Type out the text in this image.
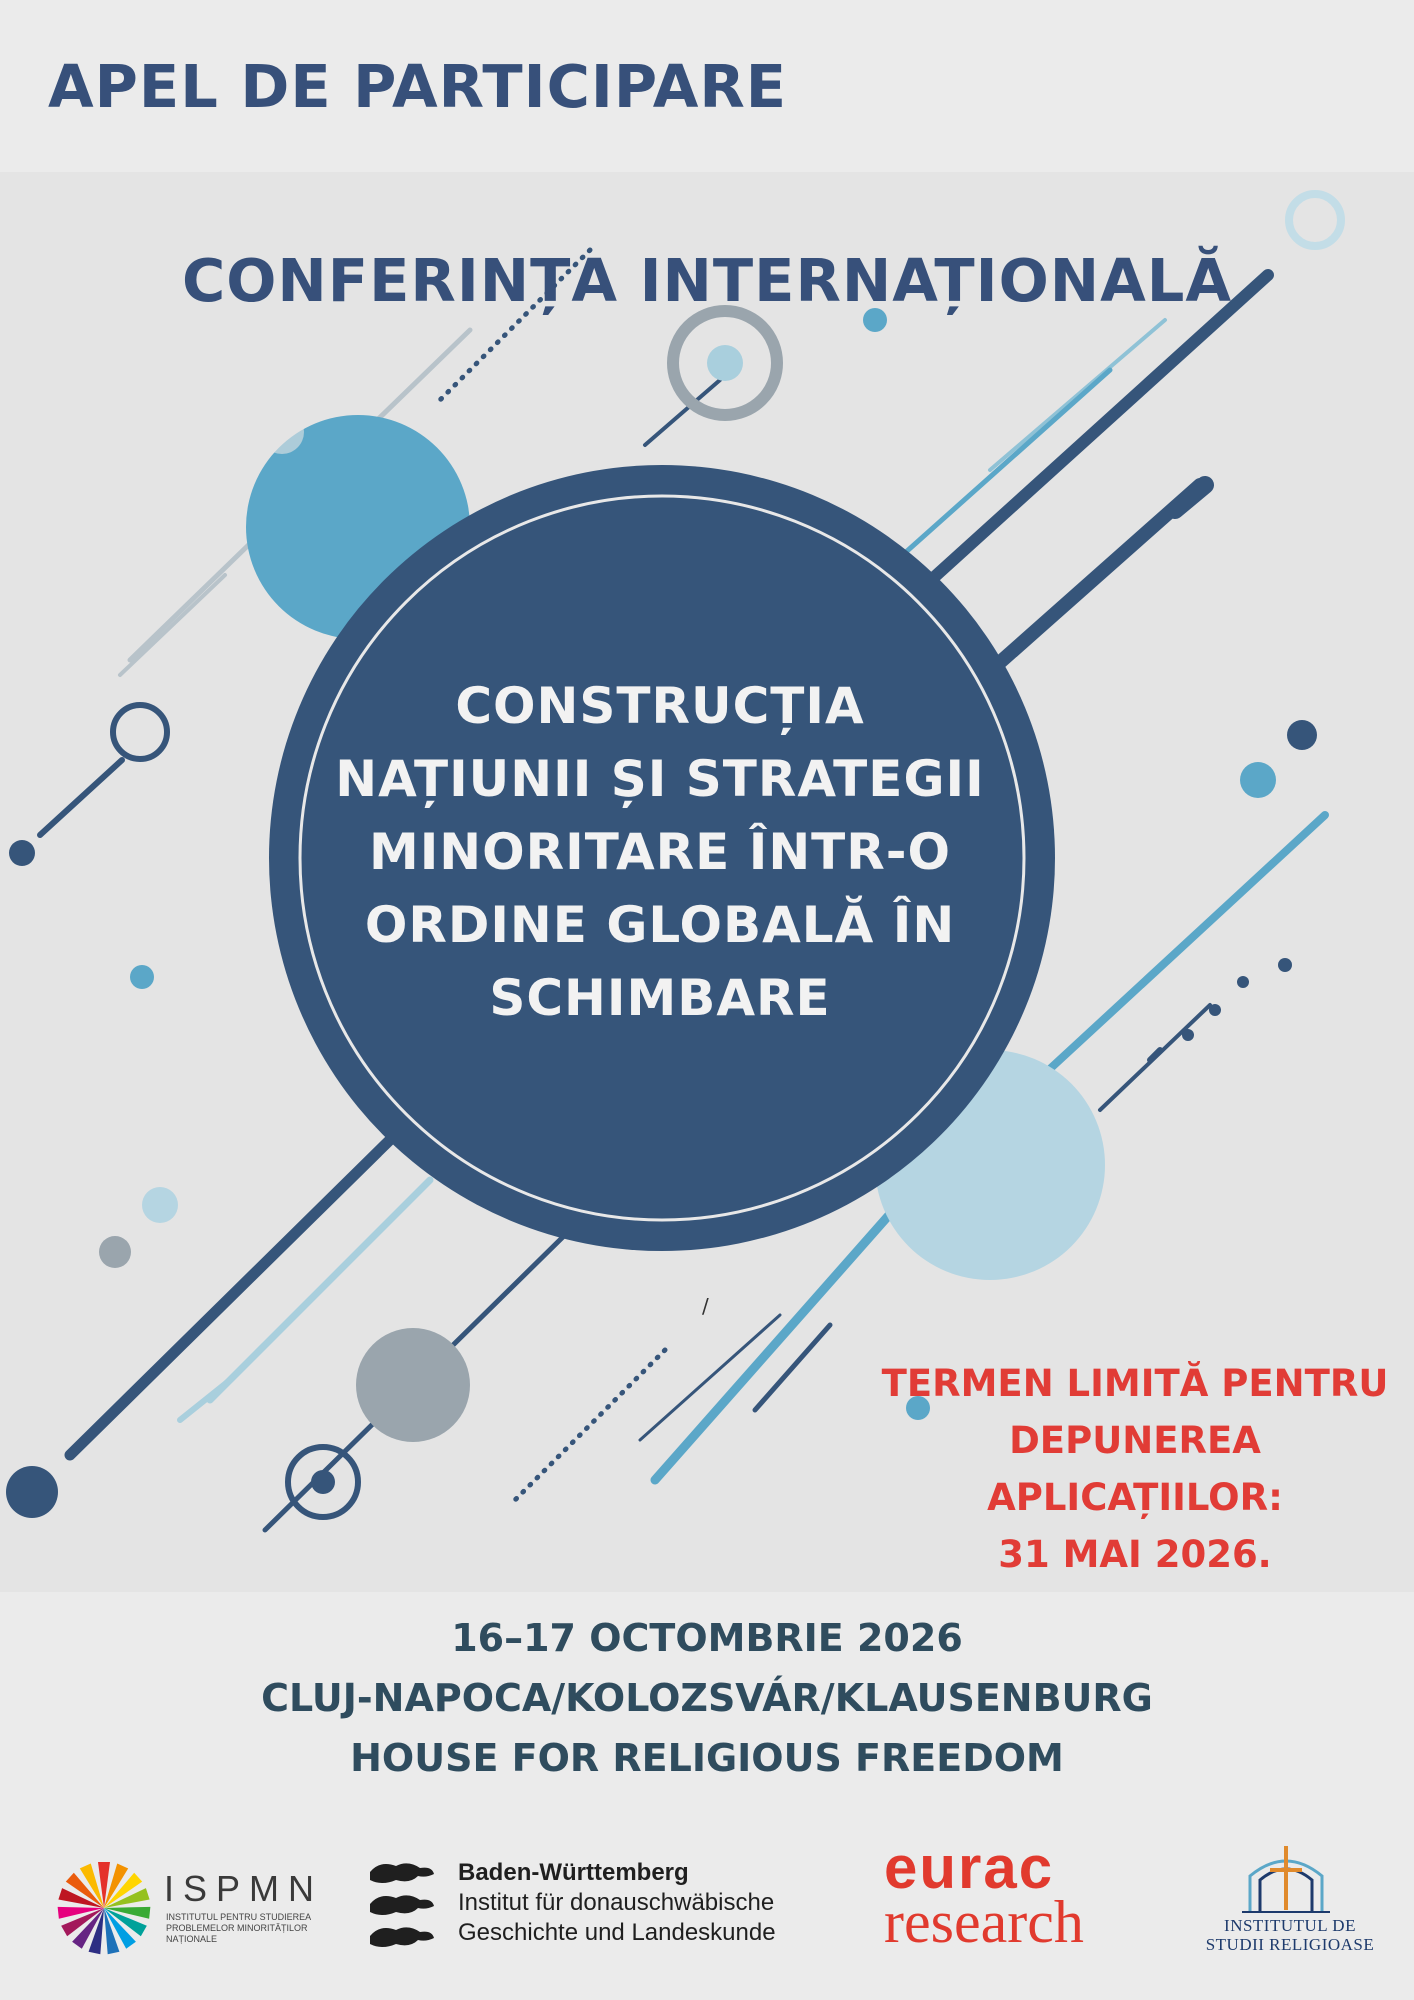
APEL DE PARTICIPARE
CONFERINȚA INTERNAȚIONALĂ
CONSTRUCȚIA
NAȚIUNII ȘI STRATEGII
MINORITARE ÎNTR-O
ORDINE GLOBALĂ ÎN
SCHIMBARE
/
TERMEN LIMITĂ PENTRU
DEPUNEREA APLICAȚIILOR:
31 MAI 2026.
16–17 OCTOMBRIE 2026
CLUJ-NAPOCA/KOLOZSVÁR/KLAUSENBURG
HOUSE FOR RELIGIOUS FREEDOM
ISPMN
INSTITUTUL PENTRU STUDIEREA
PROBLEMELOR MINORITĂȚILOR
NAȚIONALE
Baden-Württemberg
Institut für donauschwäbische
Geschichte und Landeskunde
eurac
research	INSTITUTUL DE
STUDII RELIGIOASE
